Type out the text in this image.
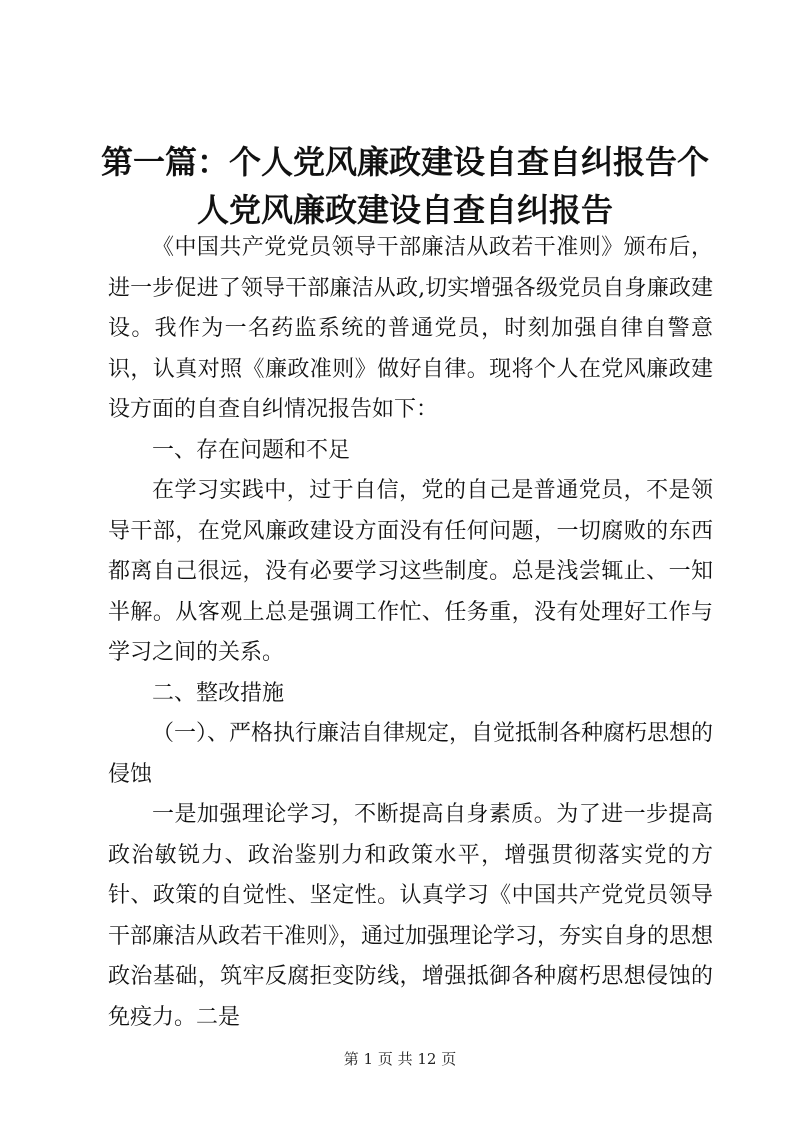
第一篇：个人党风廉政建设自查自纠报告个人党风廉政建设自查自纠报告

《中国共产党党员领导干部廉洁从政若干准则》颁布后，进一步促进了领导干部廉洁从政,切实增强各级党员自身廉政建设。我作为一名药监系统的普通党员，时刻加强自律自警意识，认真对照《廉政准则》做好自律。现将个人在党风廉政建设方面的自查自纠情况报告如下：

一、存在问题和不足

在学习实践中，过于自信，党的自己是普通党员，不是领导干部，在党风廉政建设方面没有任何问题，一切腐败的东西都离自己很远，没有必要学习这些制度。总是浅尝辄止、一知半解。从客观上总是强调工作忙、任务重，没有处理好工作与学习之间的关系。

二、整改措施

（一）、严格执行廉洁自律规定，自觉抵制各种腐朽思想的侵蚀

一是加强理论学习，不断提高自身素质。为了进一步提高政治敏锐力、政治鉴别力和政策水平，增强贯彻落实党的方针、政策的自觉性、坚定性。认真学习《中国共产党党员领导干部廉洁从政若干准则》，通过加强理论学习，夯实自身的思想政治基础，筑牢反腐拒变防线，增强抵御各种腐朽思想侵蚀的免疫力。二是

第 1 页 共 12 页
